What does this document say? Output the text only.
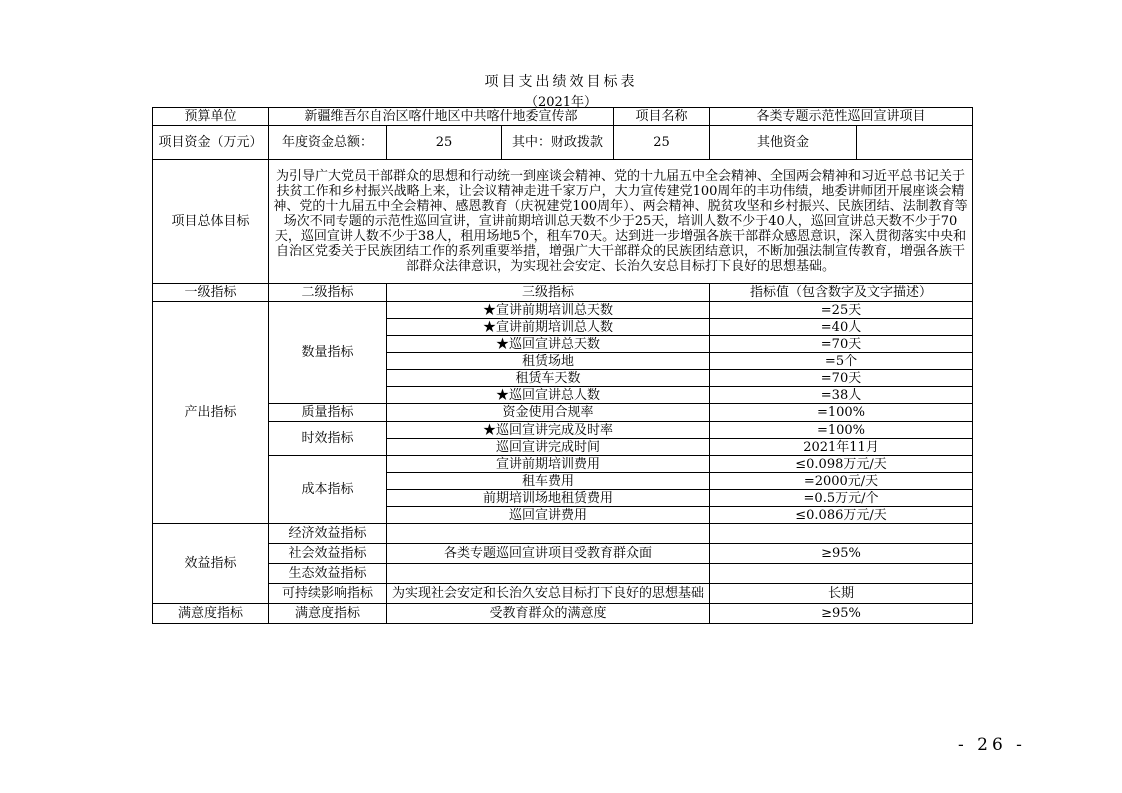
项目支出绩效目标表
（2021年）
预算单位	新疆维吾尔自治区喀什地区中共喀什地委宣传部			项目名称	各类专题示范性巡回宣讲项目	
项目资金（万元）	年度资金总额：	25	其中：财政拨款	25	其他资金	
项目总体目标	为引导广大党员干部群众的思想和行动统一到座谈会精神、党的十九届五中全会精神、全国两会精神和习近平总书记关于扶贫工作和乡村振兴战略上来，让会议精神走进千家万户，大力宣传建党100周年的丰功伟绩，地委讲师团开展座谈会精神、党的十九届五中全会精神、感恩教育（庆祝建党100周年）、两会精神、脱贫攻坚和乡村振兴、民族团结、法制教育等场次不同专题的示范性巡回宣讲，宣讲前期培训总天数不少于25天，培训人数不少于40人，巡回宣讲总天数不少于70天，巡回宣讲人数不少于38人，租用场地5个，租车70天。达到进一步增强各族干部群众感恩意识，深入贯彻落实中央和自治区党委关于民族团结工作的系列重要举措，增强广大干部群众的民族团结意识，不断加强法制宣传教育，增强各族干部群众法律意识，为实现社会安定、长治久安总目标打下良好的思想基础。					
一级指标	二级指标	三级指标			指标值（包含数字及文字描述）	
产出指标	数量指标	★宣讲前期培训总天数			=25天	
		★宣讲前期培训总人数			=40人	
		★巡回宣讲总天数			=70天	
		租赁场地			=5个	
		租赁车天数			=70天	
		★巡回宣讲总人数			=38人	
	质量指标	资金使用合规率			=100%	
	时效指标	★巡回宣讲完成及时率			=100%	
		巡回宣讲完成时间			2021年11月	
	成本指标	宣讲前期培训费用			≤0.098万元/天	
		租车费用			=2000元/天	
		前期培训场地租赁费用			=0.5万元/个	
		巡回宣讲费用			≤0.086万元/天	
效益指标	经济效益指标					
	社会效益指标	各类专题巡回宣讲项目受教育群众面			≥95%	
	生态效益指标					
	可持续影响指标	为实现社会安定和长治久安总目标打下良好的思想基础			长期	
满意度指标	满意度指标	受教育群众的满意度			≥95%	
- 26 -
